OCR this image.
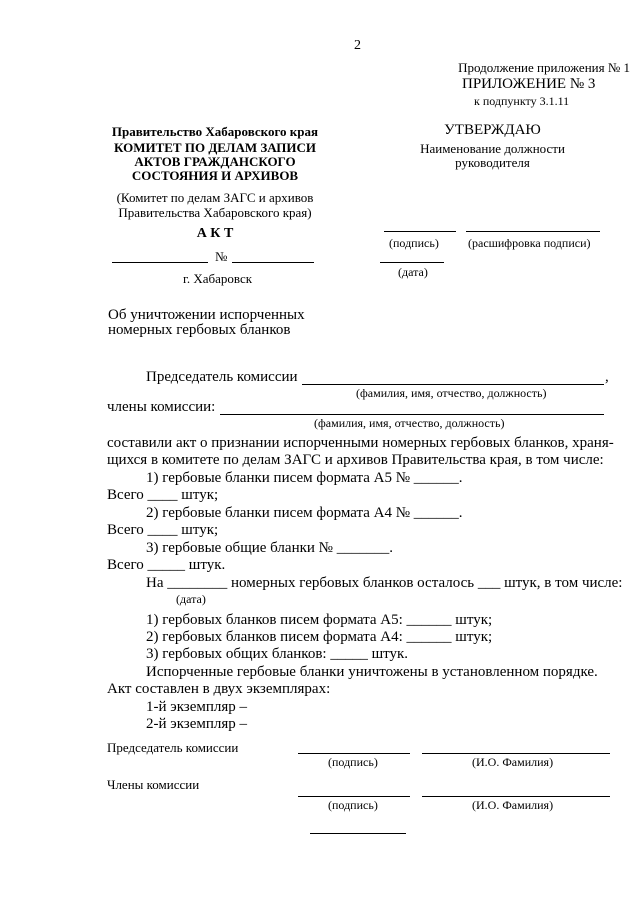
2
Продолжение приложения № 1
ПРИЛОЖЕНИЕ № 3
к подпункту 3.1.11
Правительство Хабаровского края
КОМИТЕТ ПО ДЕЛАМ ЗАПИСИ
АКТОВ ГРАЖДАНСКОГО
СОСТОЯНИЯ И АРХИВОВ
(Комитет по делам ЗАГС и архивов
Правительства Хабаровского края)
А К Т
№
г. Хабаровск
УТВЕРЖДАЮ
Наименование должности
руководителя
(подпись) (расшифровка подписи)
(дата)
Об уничтожении испорченных
номерных гербовых бланков
Председатель комиссии	,
(фамилия, имя, отчество, должность)
члены комиссии:
(фамилия, имя, отчество, должность)
составили акт о признании испорченными номерных гербовых бланков, храня-
щихся в комитете по делам ЗАГС и архивов Правительства края, в том числе:
1) гербовые бланки писем формата А5 № ______.
Всего ____ штук;
2) гербовые бланки писем формата А4 № ______.
Всего ____ штук;
3) гербовые общие бланки № _______.
Всего _____ штук.
На ________ номерных гербовых бланков осталось ___ штук, в том числе:
(дата)
1) гербовых бланков писем формата А5: ______ штук;
2) гербовых бланков писем формата А4: ______ штук;
3) гербовых общих бланков: _____ штук.
Испорченные гербовые бланки уничтожены в установленном порядке.
Акт составлен в двух экземплярах:
1-й экземпляр –
2-й экземпляр –
Председатель комиссии
(подпись)	(И.О. Фамилия)
Члены комиссии
(подпись)	(И.О. Фамилия)
